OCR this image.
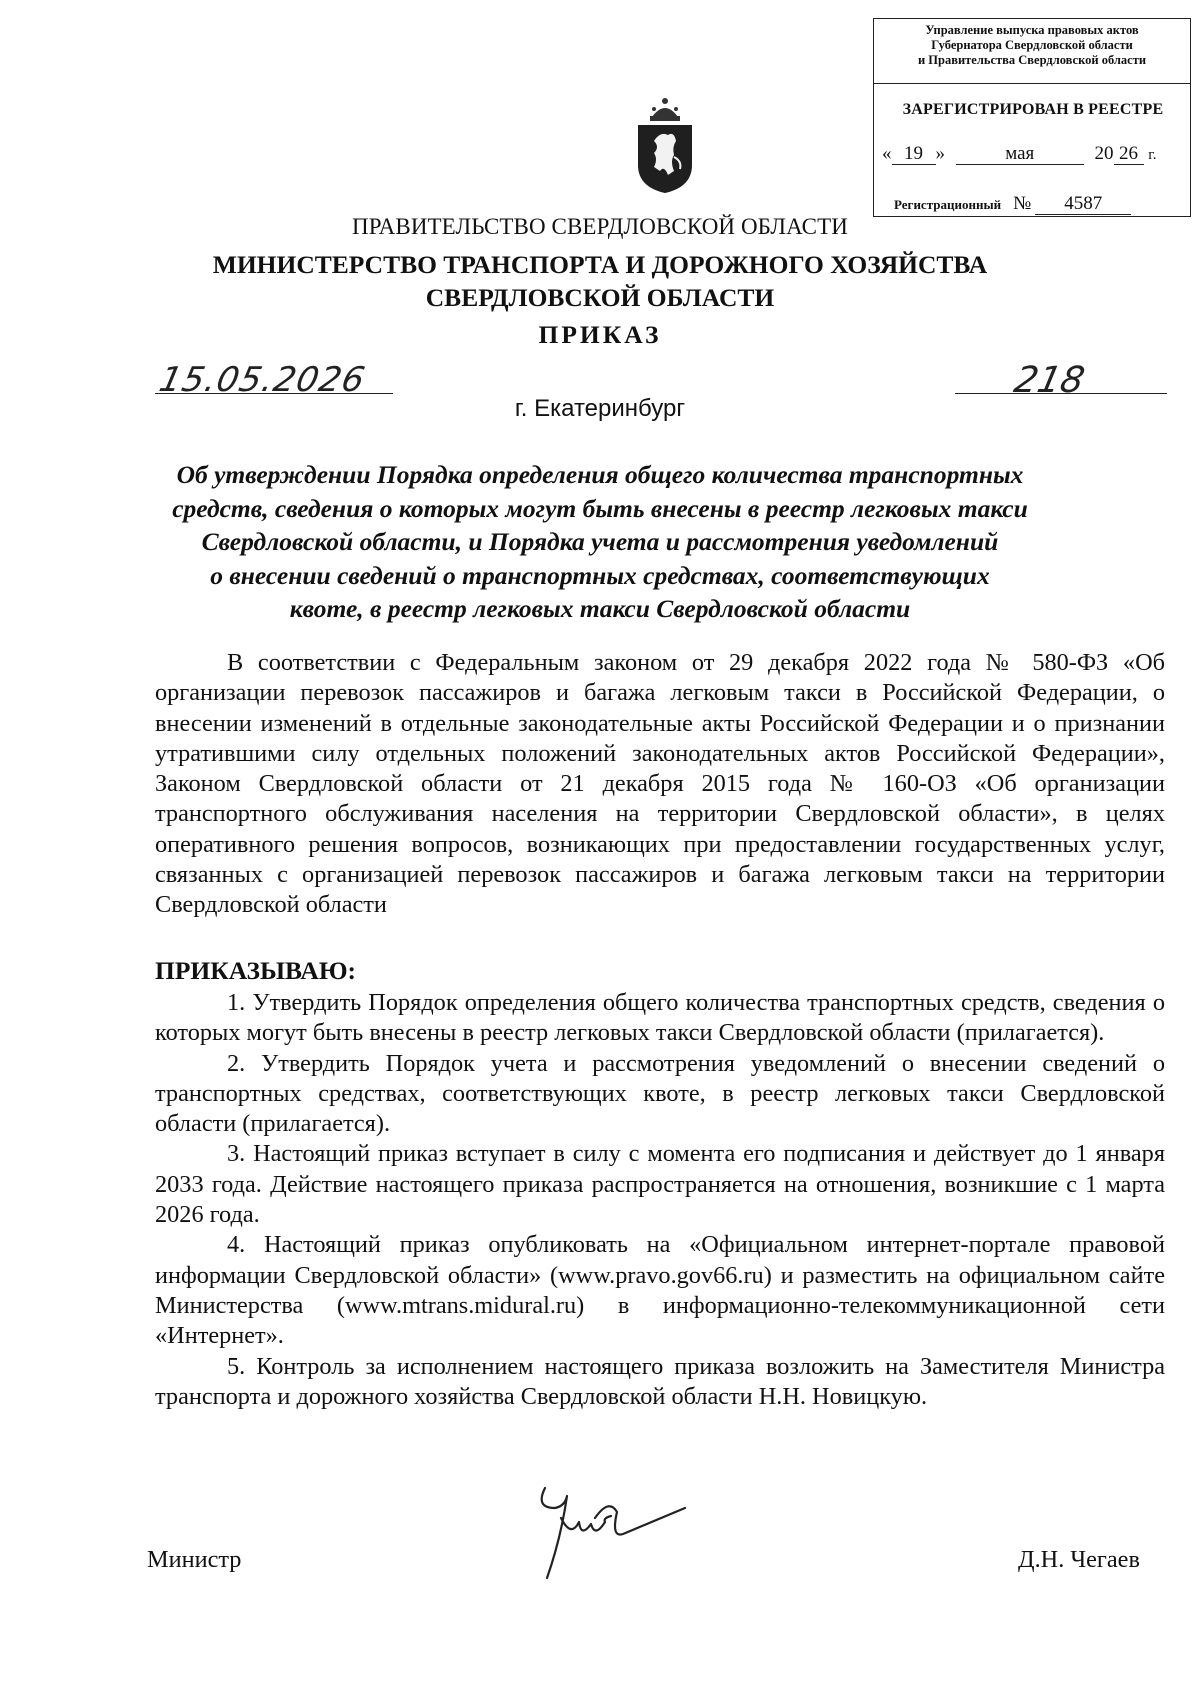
Управление выпуска правовых актов
Губернатора Свердловской области
и Правительства Свердловской области
ЗАРЕГИСТРИРОВАН В РЕЕСТРЕ
« 19 »	мая	20 26 г.
Регистрационный № 4587
ПРАВИТЕЛЬСТВО СВЕРДЛОВСКОЙ ОБЛАСТИ
МИНИСТЕРСТВО ТРАНСПОРТА И ДОРОЖНОГО ХОЗЯЙСТВА
СВЕРДЛОВСКОЙ ОБЛАСТИ
ПРИКАЗ
15.05.2026	218
г. Екатеринбург
Об утверждении Порядка определения общего количества транспортных
средств, сведения о которых могут быть внесены в реестр легковых такси
Свердловской области, и Порядка учета и рассмотрения уведомлений
о внесении сведений о транспортных средствах, соответствующих
квоте, в реестр легковых такси Свердловской области

В соответствии с Федеральным законом от 29 декабря 2022 года № 580-ФЗ «Об организации перевозок пассажиров и багажа легковым такси в Российской Федерации, о внесении изменений в отдельные законодательные акты Российской Федерации и о признании утратившими силу отдельных положений законодательных актов Российской Федерации», Законом Свердловской области от 21 декабря 2015 года № 160-ОЗ «Об организации транспортного обслуживания населения на территории Свердловской области», в целях оперативного решения вопросов, возникающих при предоставлении государственных услуг, связанных с организацией перевозок пассажиров и багажа легковым такси на территории Свердловской области

ПРИКАЗЫВАЮ:

1. Утвердить Порядок определения общего количества транспортных средств, сведения о которых могут быть внесены в реестр легковых такси Свердловской области (прилагается).

2. Утвердить Порядок учета и рассмотрения уведомлений о внесении сведений о транспортных средствах, соответствующих квоте, в реестр легковых такси Свердловской области (прилагается).

3. Настоящий приказ вступает в силу с момента его подписания и действует до 1 января 2033 года. Действие настоящего приказа распространяется на отношения, возникшие с 1 марта 2026 года.

4. Настоящий приказ опубликовать на «Официальном интернет-портале правовой информации Свердловской области» (www.pravo.gov66.ru) и разместить на официальном сайте Министерства (www.mtrans.midural.ru) в информационно-телекоммуникационной сети «Интернет».

5. Контроль за исполнением настоящего приказа возложить на Заместителя Министра транспорта и дорожного хозяйства Свердловской области Н.Н. Новицкую.

Министр	Д.Н. Чегаев
